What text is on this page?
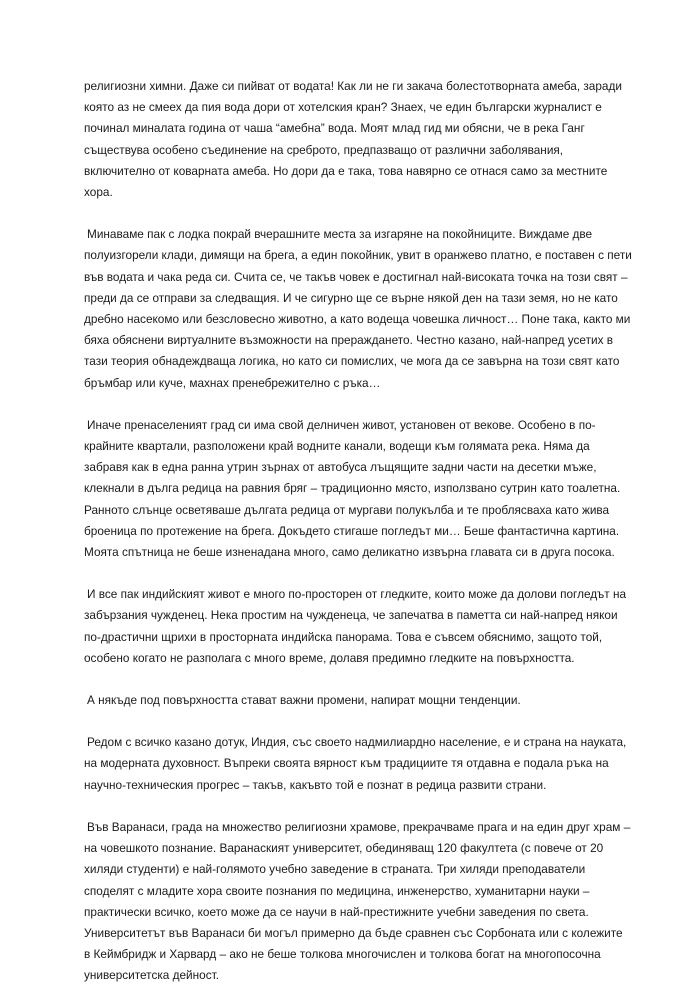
религиозни химни. Даже си пийват от водата! Как ли не ги закача болестотворната амеба, заради която аз не смеех да пия вода дори от хотелския кран? Знаех, че един български журналист е починал миналата година от чаша “амебна” вода. Моят млад гид ми обясни, че в река Ганг съществува особено съединение на среброто, предпазващо от различни заболявания, включително от коварната амеба. Но дори да е така, това навярно се отнася само за местните хора.

Минаваме пак с лодка покрай вчерашните места за изгаряне на покойниците. Виждаме две полуизгорели клади, димящи на брега, а един покойник, увит в оранжево платно, е поставен с пети във водата и чака реда си. Счита се, че такъв човек е достигнал най-високата точка на този свят – преди да се отправи за следващия. И че сигурно ще се върне някой ден на тази земя, но не като дребно насекомо или безсловесно животно, а като водеща човешка личност… Поне така, както ми бяха обяснени виртуалните възможности на прераждането. Честно казано, най-напред усетих в тази теория обнадеждваща логика, но като си помислих, че мога да се завърна на този свят като бръмбар или куче, махнах пренебрежително с ръка…

Иначе пренаселеният град си има свой делничен живот, установен от векове. Особено в по-крайните квартали, разположени край водните канали, водещи към голямата река. Няма да забравя как в една ранна утрин зърнах от автобуса лъщящите задни части на десетки мъже, клекнали в дълга редица на равния бряг – традиционно място, използвано сутрин като тоалетна. Ранното слънце осветяваше дългата редица от мургави полукълба и те проблясваха като жива броеница по протежение на брега. Докъдето стигаше погледът ми… Беше фантастична картина. Моята спътница не беше изненадана много, само деликатно извърна главата си в друга посока.

И все пак индийският живот е много по-просторен от гледките, които може да долови погледът на забързания чужденец. Нека простим на чужденеца, че запечатва в паметта си най-напред някои по-драстични щрихи в просторната индийска панорама. Това е съвсем обяснимо, защото той, особено когато не разполага с много време, долавя предимно гледките на повърхността.

А някъде под повърхността стават важни промени, напират мощни тенденции.

Редом с всичко казано дотук, Индия, със своето надмилиардно население, е и страна на науката, на модерната духовност. Въпреки своята вярност към традициите тя отдавна е подала ръка на научно-техническия прогрес – такъв, какъвто той е познат в редица развити страни.

Във Варанаси, града на множество религиозни храмове, прекрачваме прага и на един друг храм – на човешкото познание. Варанаският университет, обединяващ 120 факултета (с повече от 20 хиляди студенти) е най-голямото учебно заведение в страната. Три хиляди преподаватели споделят с младите хора своите познания по медицина, инженерство, хуманитарни науки – практически всичко, което може да се научи в най-престижните учебни заведения по света. Университетът във Варанаси би могъл примерно да бъде сравнен със Сорбоната или с колежите в Кеймбридж и Харвард – ако не беше толкова многочислен и толкова богат на многопосочна университетска дейност.
